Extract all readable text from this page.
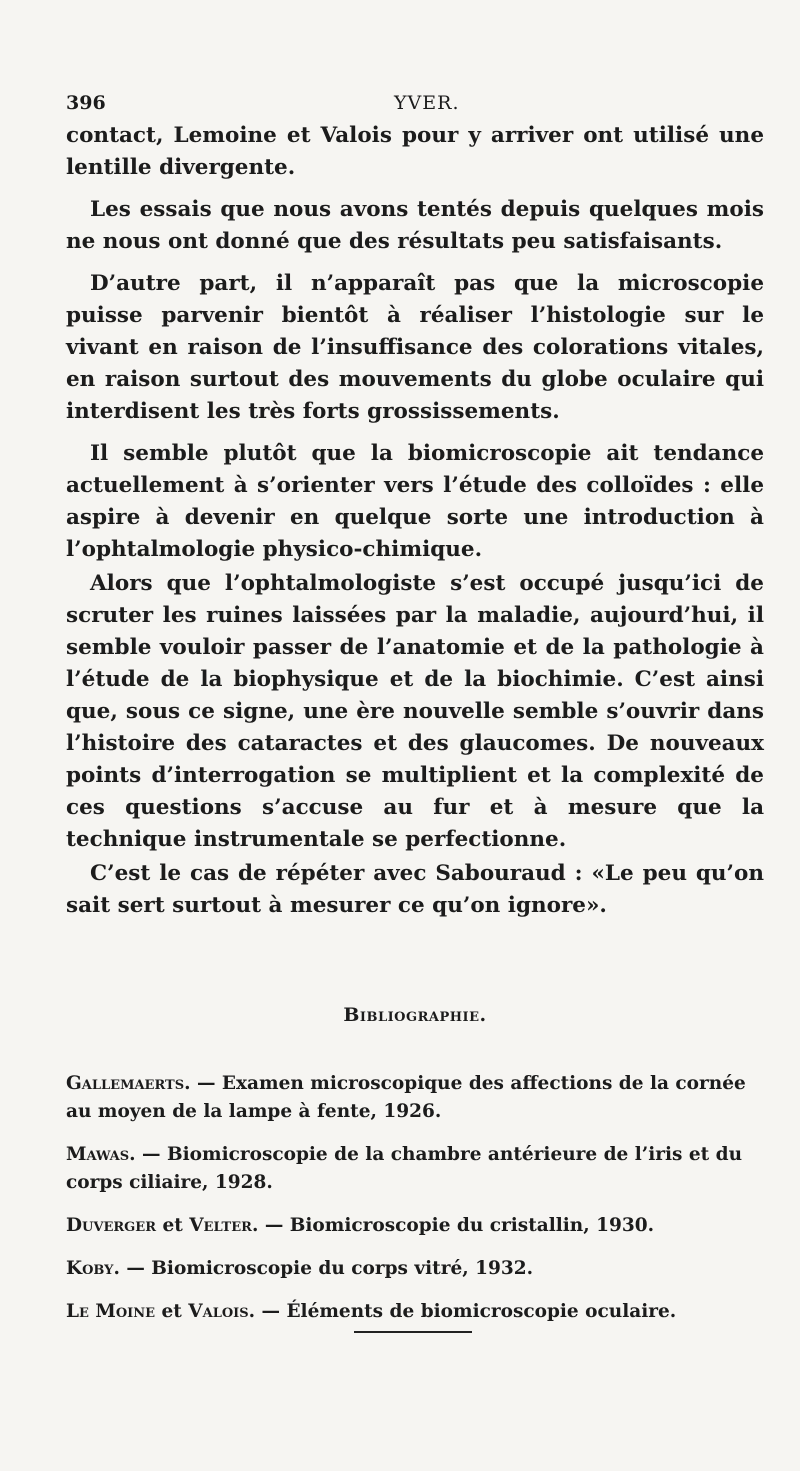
396	YVER.

contact, Lemoine et Valois pour y arriver ont utilisé une lentille divergente.

Les essais que nous avons tentés depuis quelques mois ne nous ont donné que des résultats peu satisfaisants.

D’autre part, il n’apparaît pas que la microscopie puisse parvenir bientôt à réaliser l’histologie sur le vivant en raison de l’insuffisance des colorations vitales, en raison surtout des mouvements du globe oculaire qui interdisent les très forts grossissements.

Il semble plutôt que la biomicroscopie ait tendance actuellement à s’orienter vers l’étude des colloïdes : elle aspire à devenir en quelque sorte une introduction à l’ophtalmologie physico-chimique.

Alors que l’ophtalmologiste s’est occupé jusqu’ici de scruter les ruines laissées par la maladie, aujourd’hui, il semble vouloir passer de l’anatomie et de la pathologie à l’étude de la biophysique et de la biochimie. C’est ainsi que, sous ce signe, une ère nouvelle semble s’ouvrir dans l’histoire des cataractes et des glaucomes. De nouveaux points d’interrogation se multiplient et la complexité de ces questions s’accuse au fur et à mesure que la technique instrumentale se perfectionne.

C’est le cas de répéter avec Sabouraud : «Le peu qu’on sait sert surtout à mesurer ce qu’on ignore».

Bibliographie.
Gallemaerts. — Examen microscopique des affections de la cornée au moyen de la lampe à fente, 1926.
Mawas. — Biomicroscopie de la chambre antérieure de l’iris et du corps ciliaire, 1928.
Duverger et Velter. — Biomicroscopie du cristallin, 1930.
Koby. — Biomicroscopie du corps vitré, 1932.
Le Moine et Valois. — Éléments de biomicroscopie oculaire.
